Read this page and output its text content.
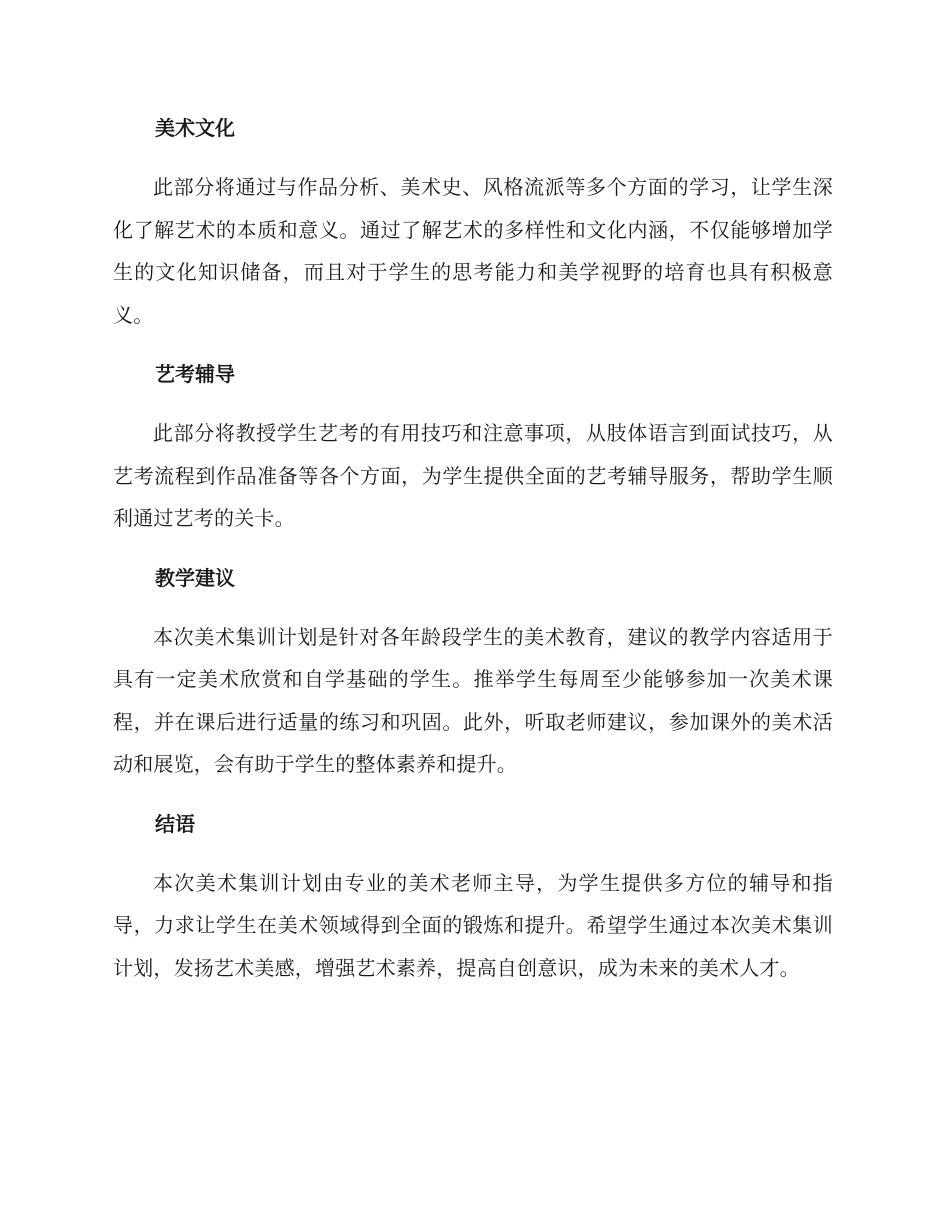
美术文化

此部分将通过与作品分析、美术史、风格流派等多个方面的学习，让学生深化了解艺术的本质和意义。通过了解艺术的多样性和文化内涵，不仅能够增加学生的文化知识储备，而且对于学生的思考能力和美学视野的培育也具有积极意义。

艺考辅导

此部分将教授学生艺考的有用技巧和注意事项，从肢体语言到面试技巧，从艺考流程到作品准备等各个方面，为学生提供全面的艺考辅导服务，帮助学生顺利通过艺考的关卡。

教学建议

本次美术集训计划是针对各年龄段学生的美术教育，建议的教学内容适用于具有一定美术欣赏和自学基础的学生。推举学生每周至少能够参加一次美术课程，并在课后进行适量的练习和巩固。此外，听取老师建议，参加课外的美术活动和展览，会有助于学生的整体素养和提升。

结语

本次美术集训计划由专业的美术老师主导，为学生提供多方位的辅导和指导，力求让学生在美术领域得到全面的锻炼和提升。希望学生通过本次美术集训计划，发扬艺术美感，增强艺术素养，提高自创意识，成为未来的美术人才。
